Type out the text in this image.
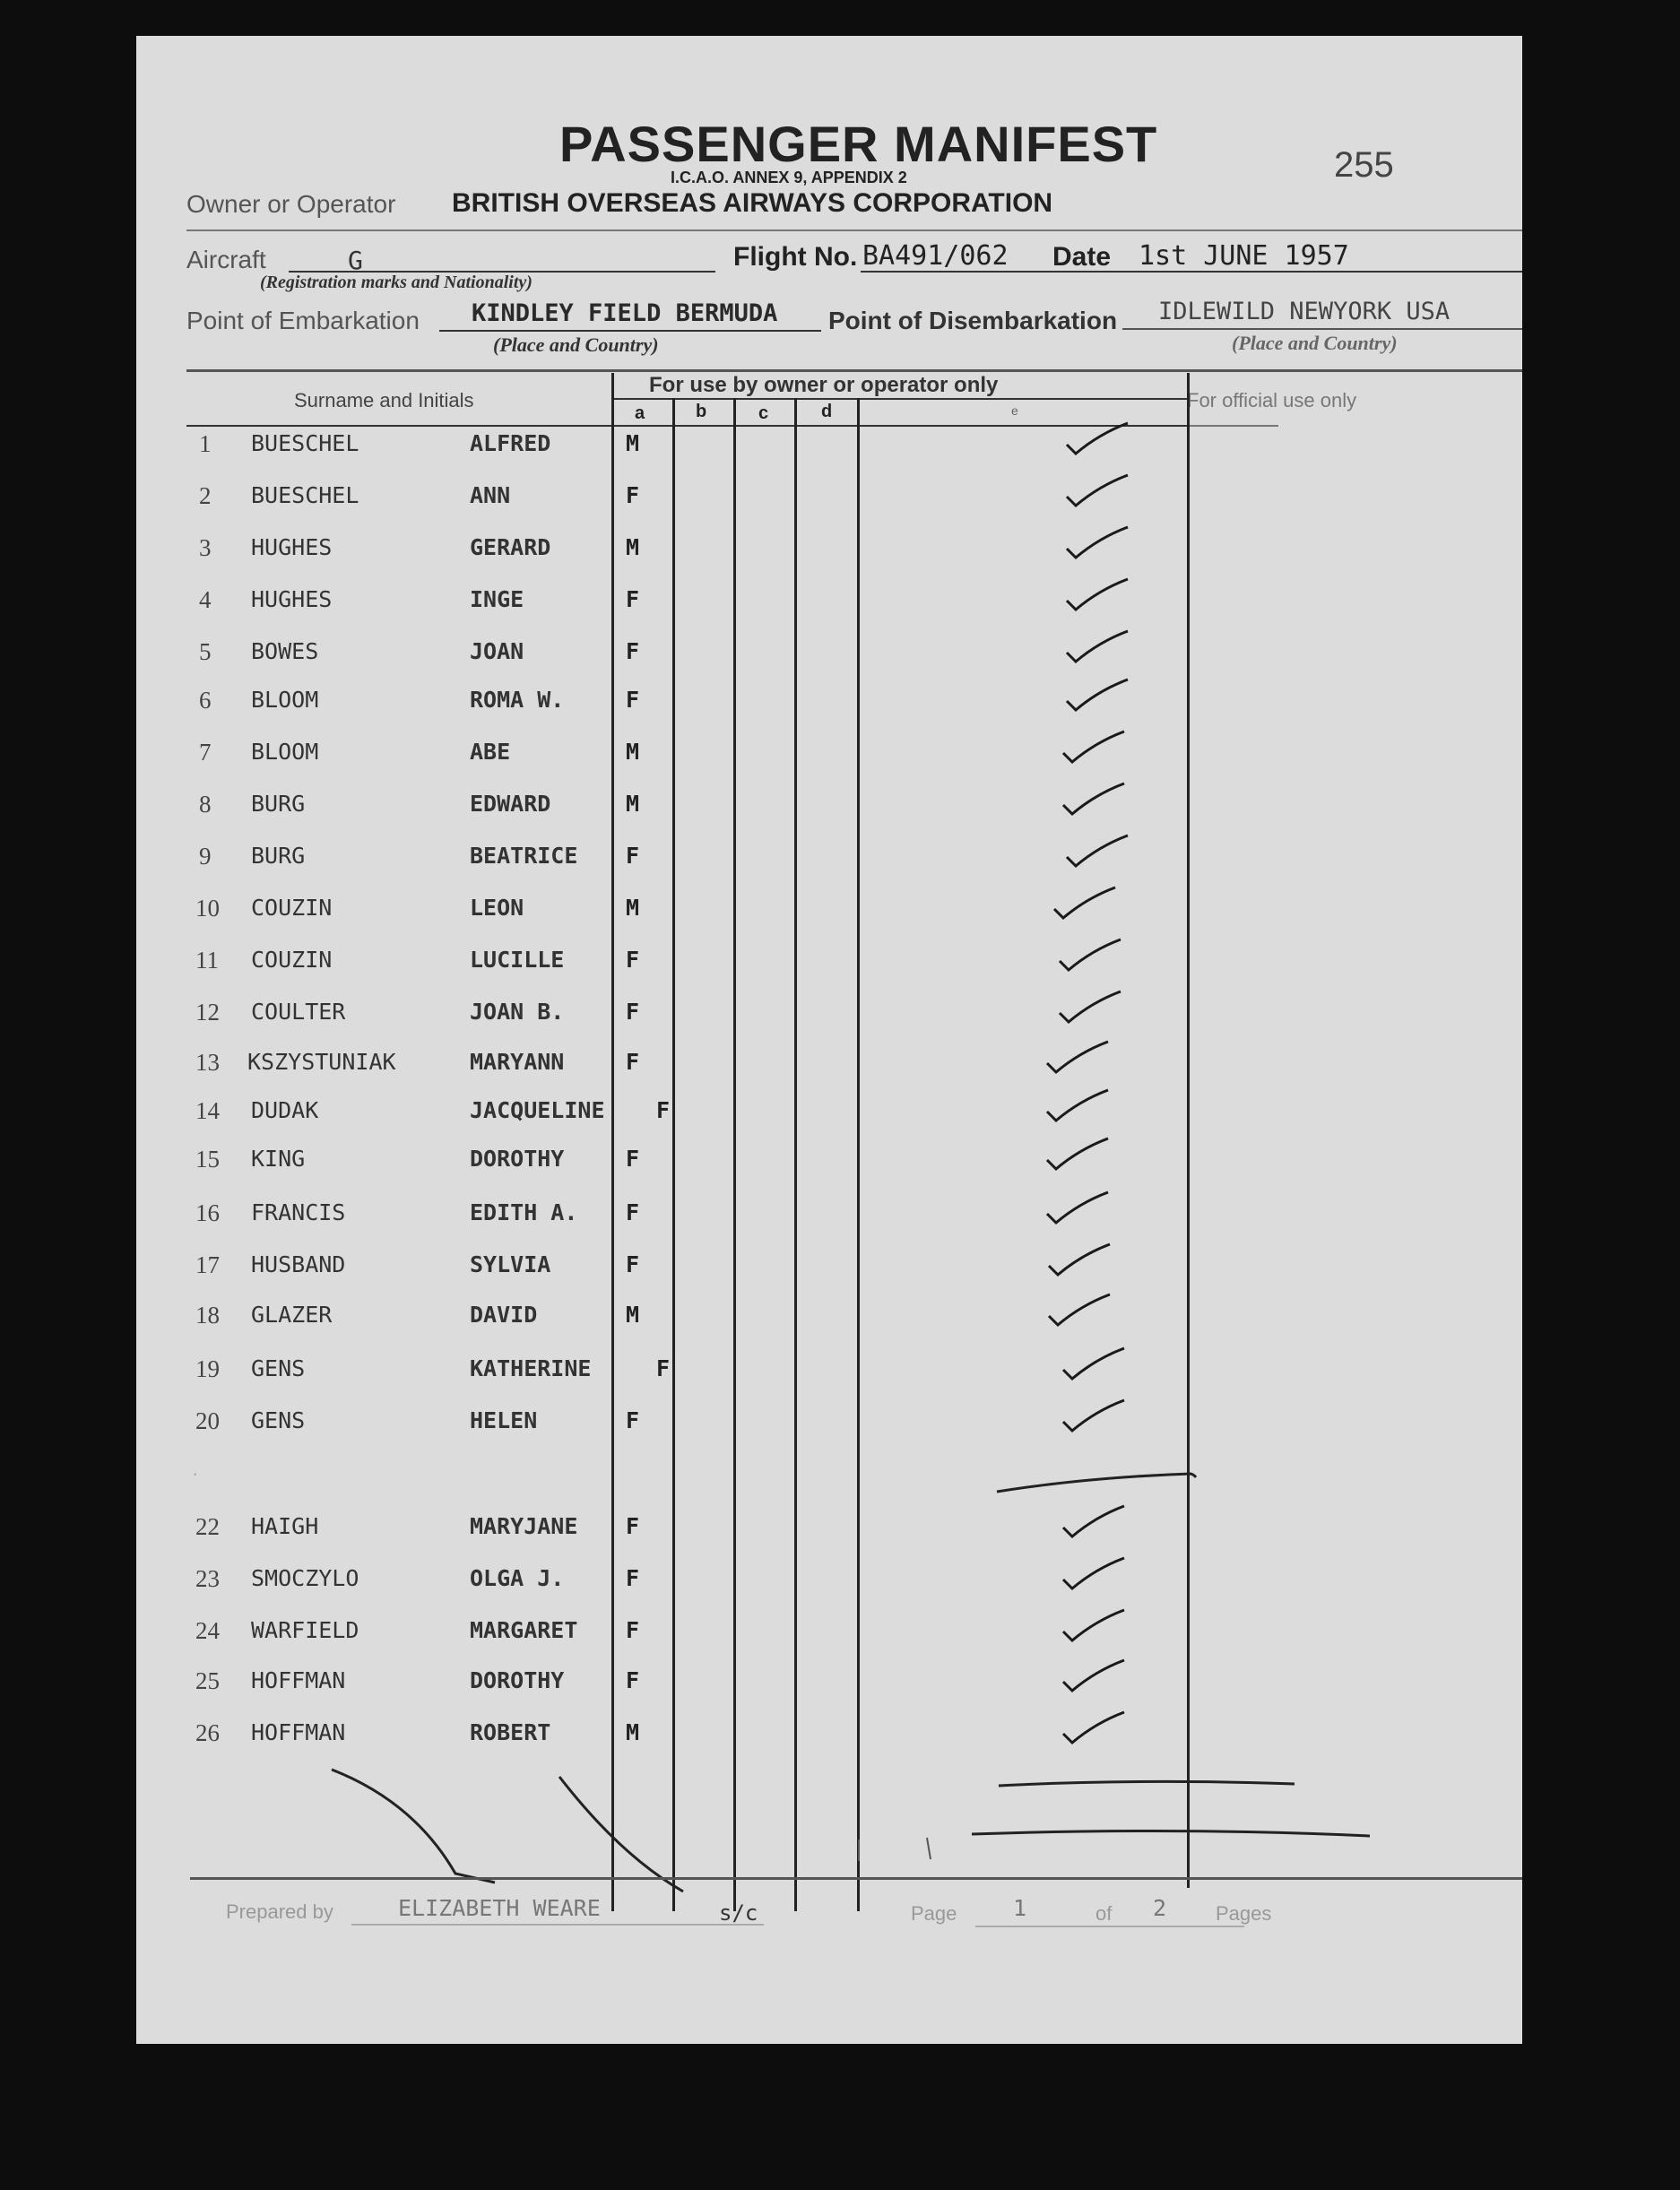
PASSENGER MANIFEST
I.C.A.O. ANNEX 9, APPENDIX 2	255
Owner or Operator BRITISH OVERSEAS AIRWAYS CORPORATION
Aircraft	G
(Registration marks and Nationality)
Flight No. BA491/062 Date 1st JUNE 1957
Point of Embarkation KINDLEY FIELD BERMUDA
(Place and Country)
Point of Disembarkation IDLEWILD NEWYORK USA
(Place and Country)
For use by owner or operator only
Surname and Initials	For official use only
a	b	c	d	e
1 BUESCHEL	ALFRED	M
2 BUESCHEL	ANN	F
3 HUGHES	GERARD	M
4 HUGHES	INGE	F
5 BOWES	JOAN	F
6 BLOOM	ROMA W.	F
7 BLOOM	ABE	M
8 BURG	EDWARD	M
9 BURG	BEATRICE F
10 COUZIN	LEON	M
11 COUZIN	LUCILLE	F
12 COULTER	JOAN B.	F
13 KSZYSTUNIAK	MARYANN	F
14 DUDAK	JACQUELINE F
15 KING	DOROTHY	F
16 FRANCIS	EDITH A. F
17 HUSBAND	SYLVIA	F
18 GLAZER	DAVID	M
19 GENS	KATHERINE	F
20 GENS	HELEN	F
22 HAIGH	MARYJANE F
23 SMOCZYLO	OLGA J.	F
24 WARFIELD	MARGARET F
25 HOFFMAN	DOROTHY	F
26 HOFFMAN	ROBERT	M
·
Prepared by	ELIZABETH WEARE	s/c	Page	1	of 2 Pages
